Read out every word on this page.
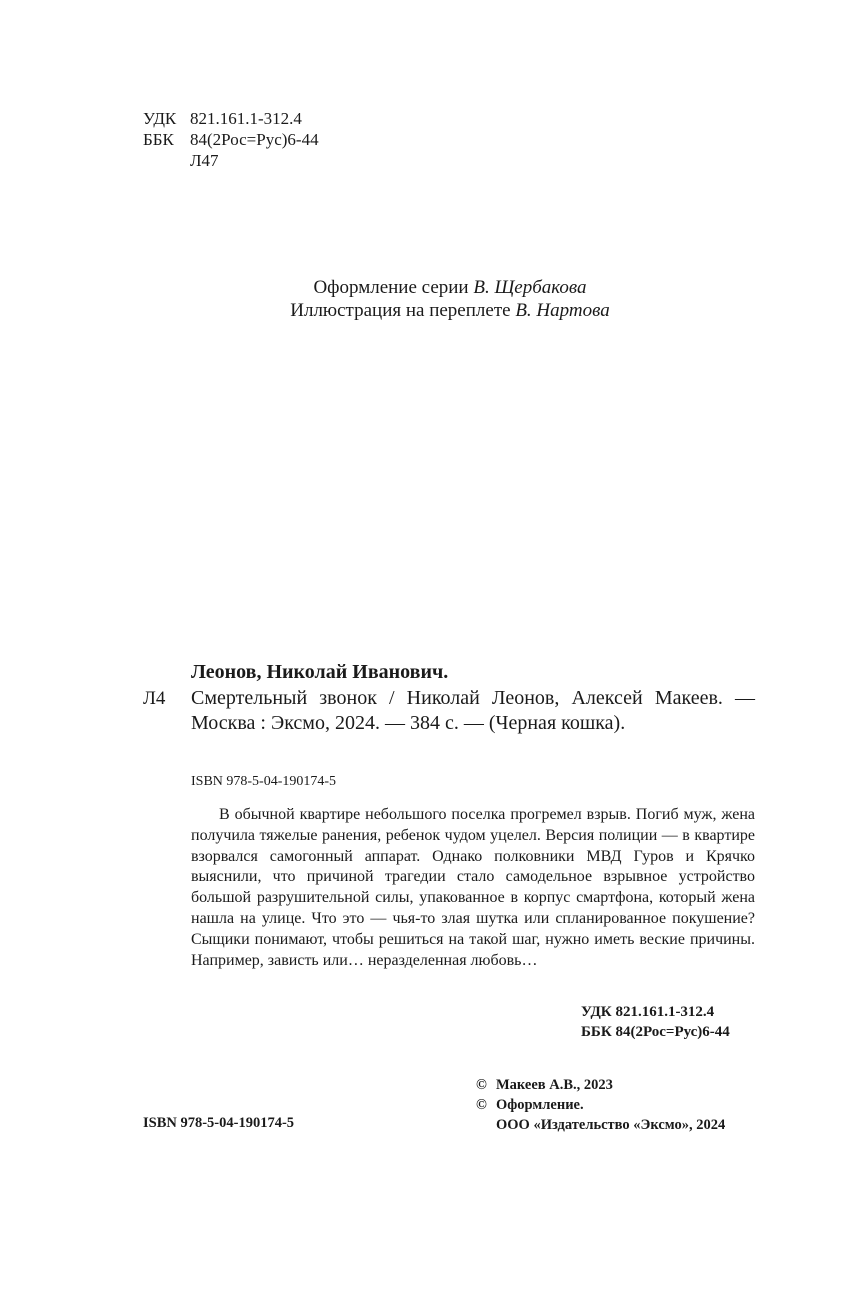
УДК 821.161.1-312.4
ББК 84(2Рос=Рус)6-44
Л47
Оформление серии В. Щербакова
Иллюстрация на переплете В. Нартова
Леонов, Николай Иванович.
Л4 Смертельный звонок / Николай Леонов, Алексей Макеев. — Москва : Эксмо, 2024. — 384 с. — (Черная кошка).
ISBN 978-5-04-190174-5
В обычной квартире небольшого поселка прогремел взрыв. Погиб муж, жена получила тяжелые ранения, ребенок чудом уцелел. Версия полиции — в квартире взорвался самогонный аппарат. Однако полковники МВД Гуров и Крячко выяснили, что причиной трагедии стало самодельное взрывное устройство большой разрушительной силы, упакованное в корпус смартфона, который жена нашла на улице. Что это — чья-то злая шутка или спланированное покушение? Сыщики понимают, чтобы решиться на такой шаг, нужно иметь веские причины. Например, зависть или… неразделенная любовь…
УДК 821.161.1-312.4
ББК 84(2Рос=Рус)6-44
© Макеев А.В., 2023
© Оформление.
ООО «Издательство «Эксмо», 2024
ISBN 978-5-04-190174-5
